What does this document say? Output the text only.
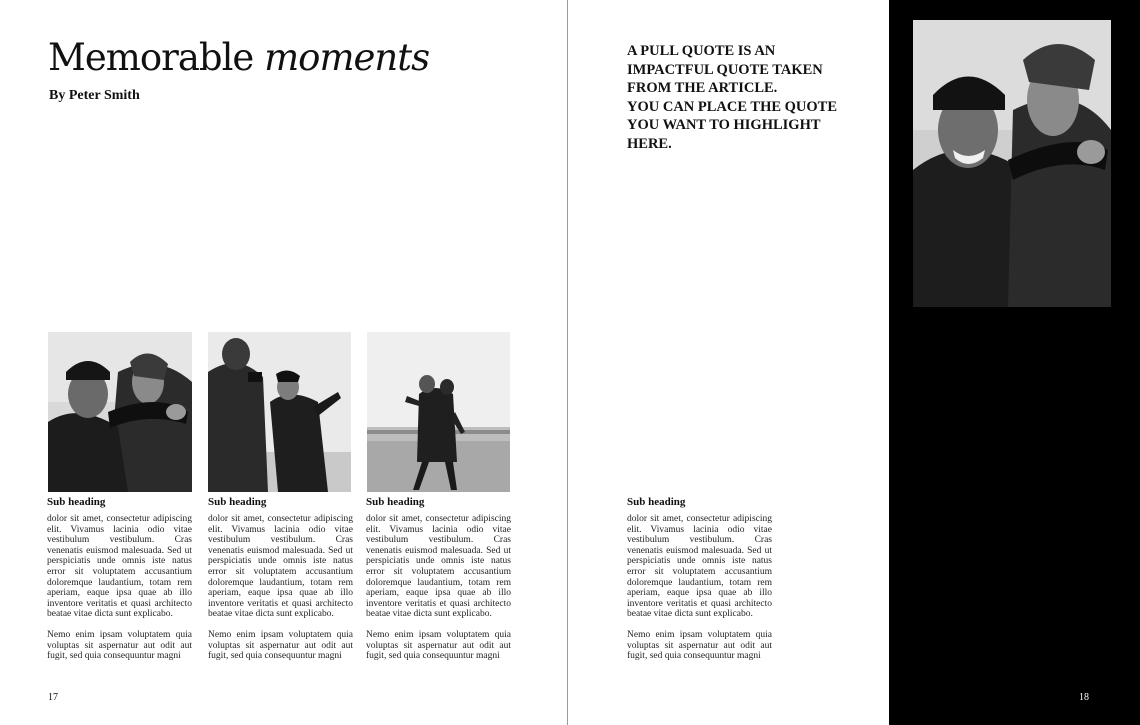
Memorable moments

By Peter Smith

Sub heading

dolor sit amet, consectetur adipiscing elit. Vivamus lacinia odio vitae vestibulum vestibulum. Cras venenatis euismod malesuada. Sed ut perspiciatis unde omnis iste natus error sit voluptatem accusantium doloremque laudantium, totam rem aperiam, eaque ipsa quae ab illo inventore veritatis et quasi architecto beatae vitae dicta sunt explicabo.

Nemo enim ipsam voluptatem quia voluptas sit aspernatur aut odit aut fugit, sed quia consequuntur magni

Sub heading

dolor sit amet, consectetur adipiscing elit. Vivamus lacinia odio vitae vestibulum vestibulum. Cras venenatis euismod malesuada. Sed ut perspiciatis unde omnis iste natus error sit voluptatem accusantium doloremque laudantium, totam rem aperiam, eaque ipsa quae ab illo inventore veritatis et quasi architecto beatae vitae dicta sunt explicabo.

Nemo enim ipsam voluptatem quia voluptas sit aspernatur aut odit aut fugit, sed quia consequuntur magni

Sub heading

dolor sit amet, consectetur adipiscing elit. Vivamus lacinia odio vitae vestibulum vestibulum. Cras venenatis euismod malesuada. Sed ut perspiciatis unde omnis iste natus error sit voluptatem accusantium doloremque laudantium, totam rem aperiam, eaque ipsa quae ab illo inventore veritatis et quasi architecto beatae vitae dicta sunt explicabo.

Nemo enim ipsam voluptatem quia voluptas sit aspernatur aut odit aut fugit, sed quia consequuntur magni

17

A PULL QUOTE IS AN
IMPACTFUL QUOTE TAKEN
FROM THE ARTICLE.
YOU CAN PLACE THE QUOTE
YOU WANT TO HIGHLIGHT
HERE.

Sub heading

dolor sit amet, consectetur adipiscing elit. Vivamus lacinia odio vitae vestibulum vestibulum. Cras venenatis euismod malesuada. Sed ut perspiciatis unde omnis iste natus error sit voluptatem accusantium doloremque laudantium, totam rem aperiam, eaque ipsa quae ab illo inventore veritatis et quasi architecto beatae vitae dicta sunt explicabo.

Nemo enim ipsam voluptatem quia voluptas sit aspernatur aut odit aut fugit, sed quia consequuntur magni

18
